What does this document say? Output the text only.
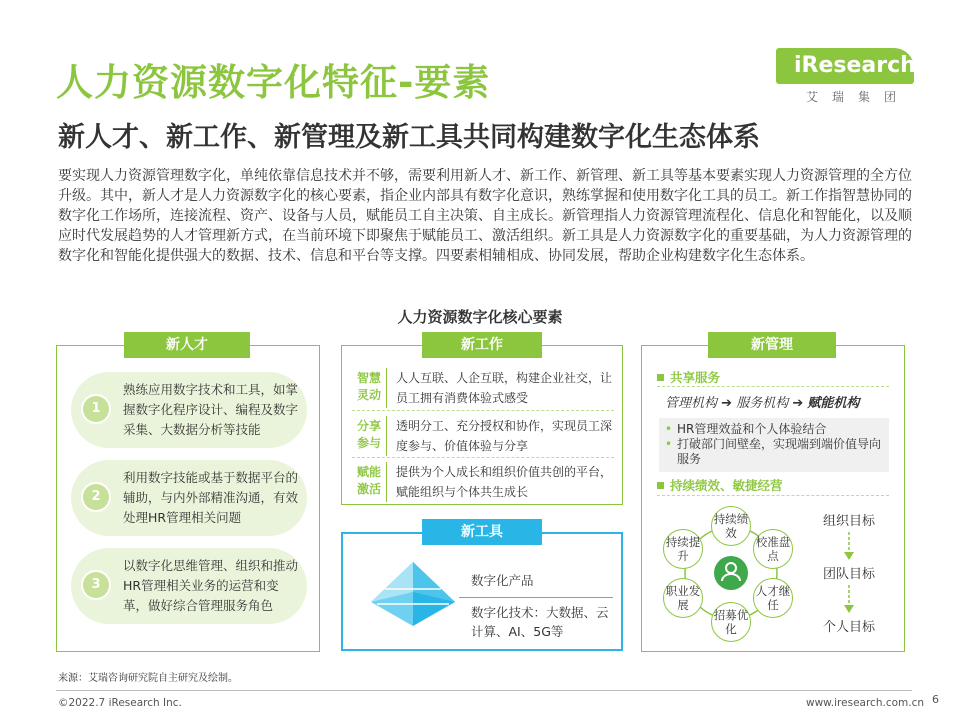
人力资源数字化特征-要素
新人才、新工作、新管理及新工具共同构建数字化生态体系
iResearch
艾瑞集团
要实现人力资源管理数字化，单纯依靠信息技术并不够，需要利用新人才、新工作、新管理、新工具等基本要素实现人力资源管理的全方位升级。其中，新人才是人力资源数字化的核心要素，指企业内部具有数字化意识，熟练掌握和使用数字化工具的员工。新工作指智慧协同的数字化工作场所，连接流程、资产、设备与人员，赋能员工自主决策、自主成长。新管理指人力资源管理流程化、信息化和智能化，以及顺应时代发展趋势的人才管理新方式，在当前环境下即聚焦于赋能员工、激活组织。新工具是人力资源数字化的重要基础，为人力资源管理的数字化和智能化提供强大的数据、技术、信息和平台等支撑。四要素相辅相成、协同发展，帮助企业构建数字化生态体系。
人力资源数字化核心要素
1
熟练应用数字技术和工具，如掌握数字化程序设计、编程及数字采集、大数据分析等技能
2
利用数字技能或基于数据平台的辅助，与内外部精准沟通，有效处理HR管理相关问题
3
以数字化思维管理、组织和推动HR管理相关业务的运营和变革，做好综合管理服务角色
新人才
智慧灵动
人人互联、人企互联，构建企业社交，让员工拥有消费体验式感受
分享参与
透明分工、充分授权和协作，实现员工深度参与、价值体验与分享
赋能激活
提供为个人成长和组织价值共创的平台，赋能组织与个体共生成长
新工作
数字化产品
数字化技术：大数据、云计算、AI、5G等
新工具
新管理
共享服务
管理机构 ➔ 服务机构 ➔ 赋能机构
• HR管理效益和个人体验结合
• 打破部门间壁垒，实现端到端价值导向服务
持续绩效、敏捷经营
持续绩效
校准盘点
人才继任
招募优化
职业发展
持续提升
组织目标
团队目标
个人目标
来源：艾瑞咨询研究院自主研究及绘制。
©2022.7 iResearch Inc.	www.iresearch.com.cn 6
